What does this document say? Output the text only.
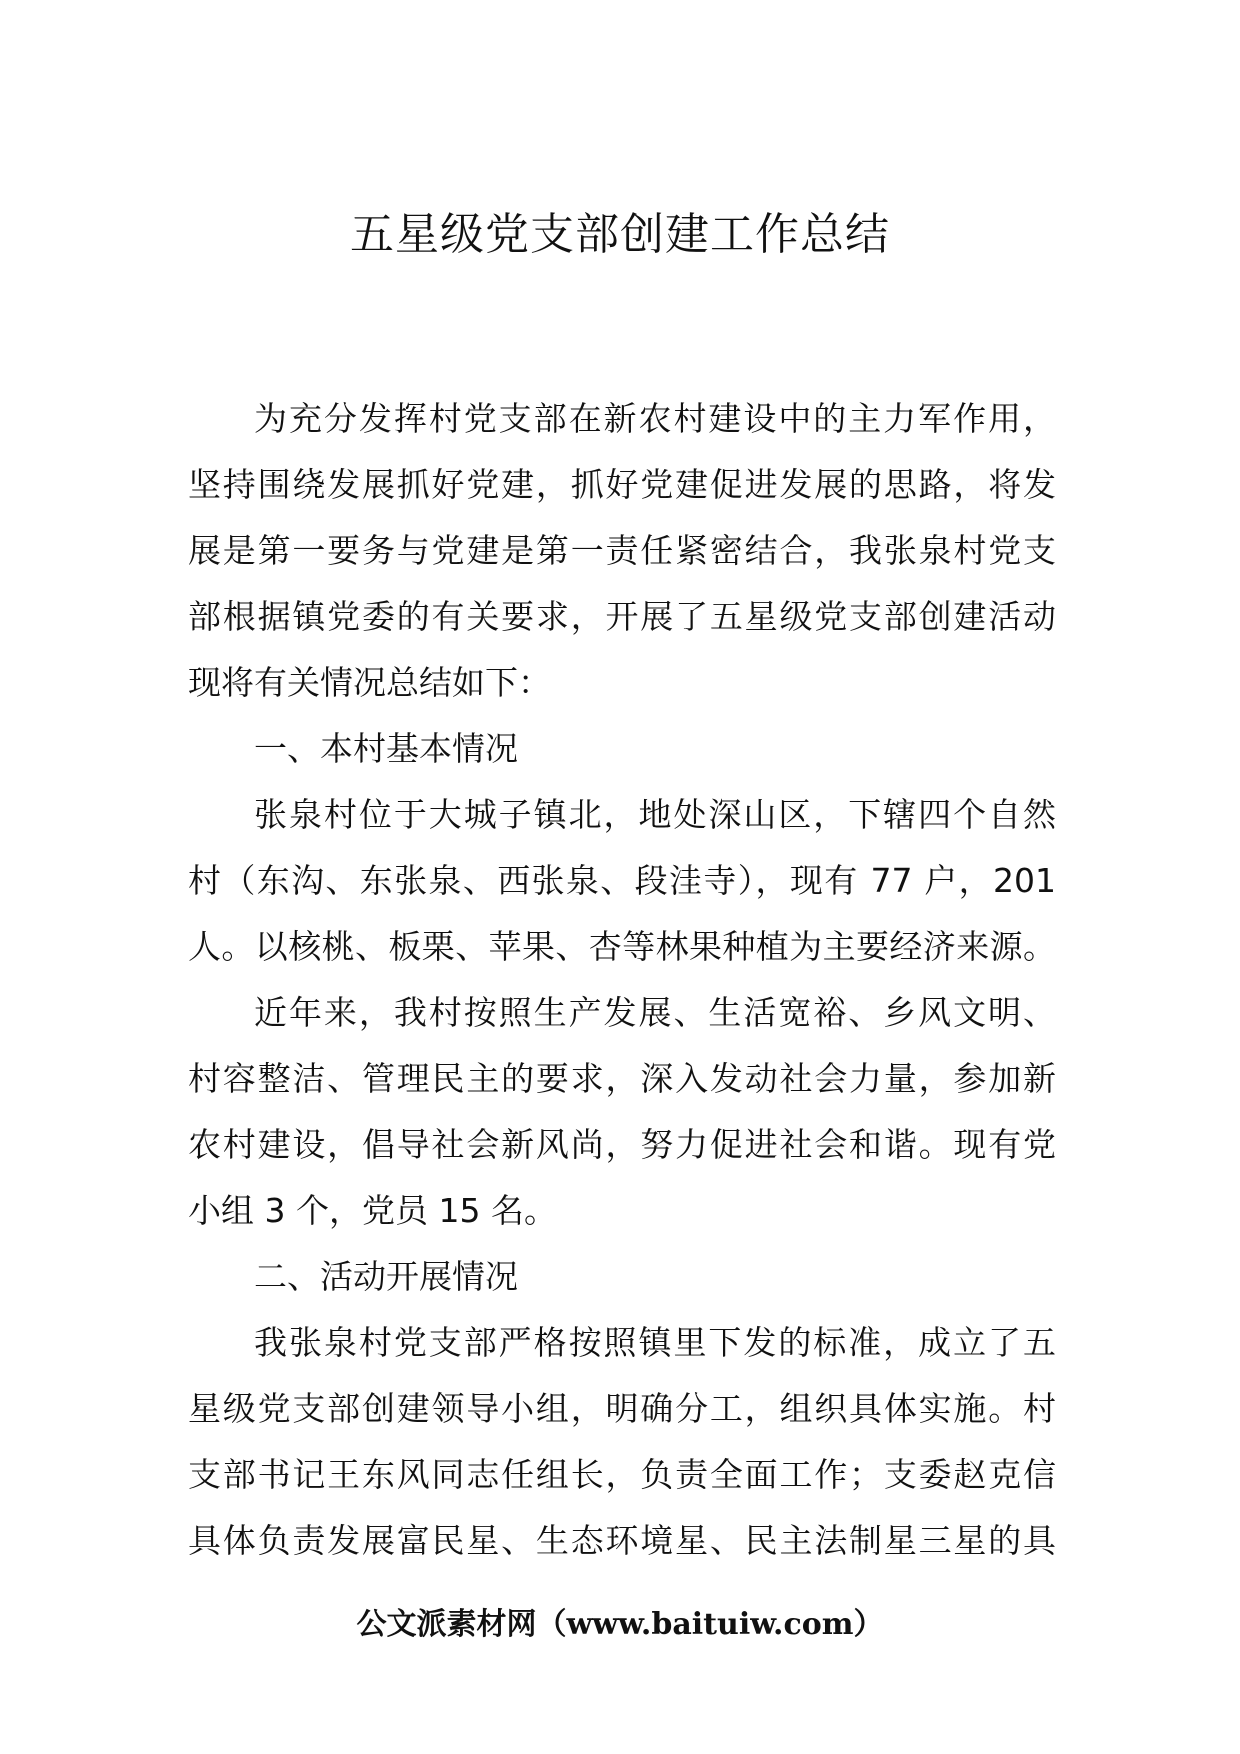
五星级党支部创建工作总结
为充分发挥村党支部在新农村建设中的主力军作用，
坚持围绕发展抓好党建，抓好党建促进发展的思路，将发
展是第一要务与党建是第一责任紧密结合，我张泉村党支
部根据镇党委的有关要求，开展了五星级党支部创建活动
现将有关情况总结如下：
一、本村基本情况
张泉村位于大城子镇北，地处深山区，下辖四个自然
村（东沟、东张泉、西张泉、段洼寺），现有 77 户，201
人。以核桃、板栗、苹果、杏等林果种植为主要经济来源。
近年来，我村按照生产发展、生活宽裕、乡风文明、
村容整洁、管理民主的要求，深入发动社会力量，参加新
农村建设，倡导社会新风尚，努力促进社会和谐。现有党
小组 3 个，党员 15 名。
二、活动开展情况
我张泉村党支部严格按照镇里下发的标准，成立了五
星级党支部创建领导小组，明确分工，组织具体实施。村
支部书记王东风同志任组长，负责全面工作；支委赵克信
具体负责发展富民星、生态环境星、民主法制星三星的具
公文派素材网（www.baituiw.com）
